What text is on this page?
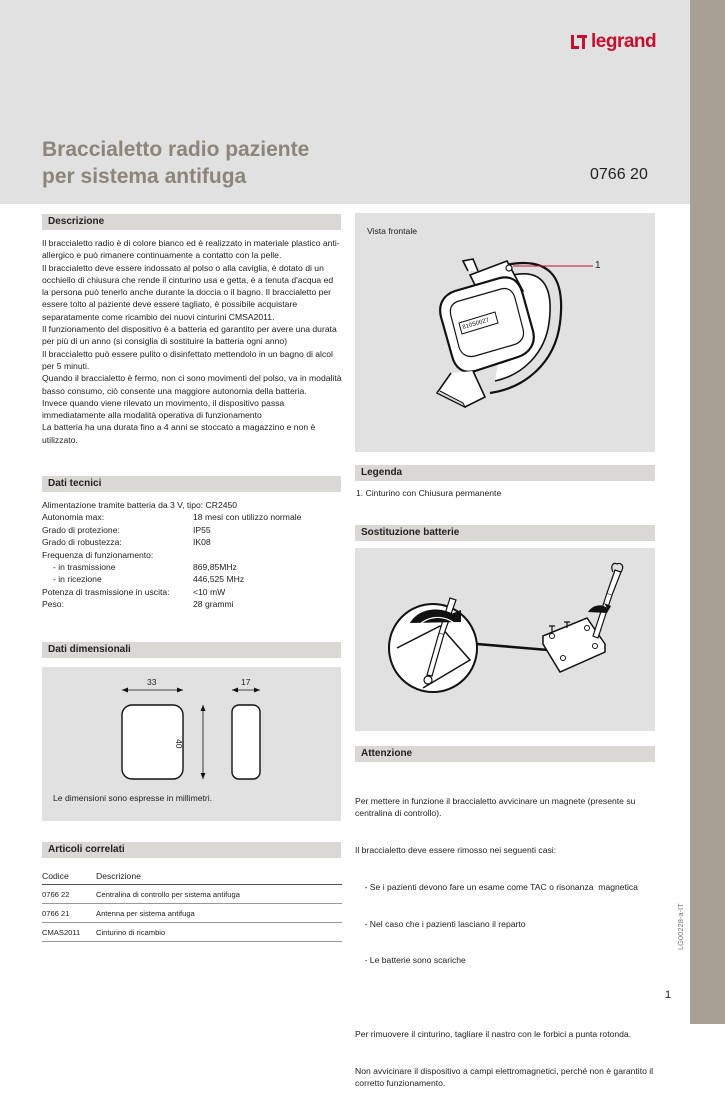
legrand
Braccialetto radio paziente
per sistema antifuga	0766 20
Descrizione

Il braccialetto radio è di colore bianco ed è realizzato in materiale plastico anti-allergico e può rimanere continuamente a contatto con la pelle.

Il braccialetto deve essere indossato al polso o alla caviglia, è dotato di un occhiello di chiusura che rende il cinturino usa e getta, è a tenuta d'acqua ed la persona può tenerlo anche durante la doccia o il bagno. Il braccialetto per essere tolto al paziente deve essere tagliato, è possibile acquistare separatamente come ricambio dei nuovi cinturini CMSA2011.

Il funzionamento del dispositivo è a batteria ed garantito per avere una durata per più di un anno (si consiglia di sostituire la batteria ogni anno)

Il braccialetto può essere pulito o disinfettato mettendolo in un bagno di alcol per 5 minuti.

Quando il braccialetto è fermo, non ci sono movimenti del polso, va in modalità basso consumo, ciò consente una maggiore autonomia della batteria.

Invece quando viene rilevato un movimento, il dispositivo passa immediatamente alla modalità operativa di funzionamento

La batteria ha una durata fino a 4 anni se stoccato a magazzino e non è utilizzato.

Vista frontale
810S0027
1
Legenda
1. Cinturino con Chiusura permanente
Dati tecnici
Alimentazione tramite batteria da 3 V, tipo: CR2450
Autonomia max:	18 mesi con utilizzo normale
Grado di protezione:	IP55
Grado di robustezza:	IK08
Frequenza di funzionamento:
- in trasmissione	869,85MHz
- in ricezione	446,525 MHz
Potenza di trasmissione in uscita:	<10 mW
Peso:	28 grammi
Sostituzione batterie
Dati dimensionali
33	17
40
Le dimensioni sono espresse in millimetri.
Attenzione

Per mettere in funzione il braccialetto avvicinare un magnete (presente su centralina di controllo).

Il braccialetto deve essere rimosso nei seguenti casi:

- Se i pazienti devono fare un esame come TAC o risonanza  magnetica

- Nel caso che i pazienti lasciano il reparto

- Le batterie sono scariche

Per rimuovere il cinturino, tagliare il nastro con le forbici a punta rotonda.

Non avvicinare il dispositivo a campi elettromagnetici, perché non è garantito il corretto funzionamento.

Articoli correlati
Codice	Descrizione
0766 22	Centralina di controllo per sistema antifuga
0766 21	Antenna per sistema antifuga
CMAS2011	Cinturino di ricambio	LG00228-a-IT
1
